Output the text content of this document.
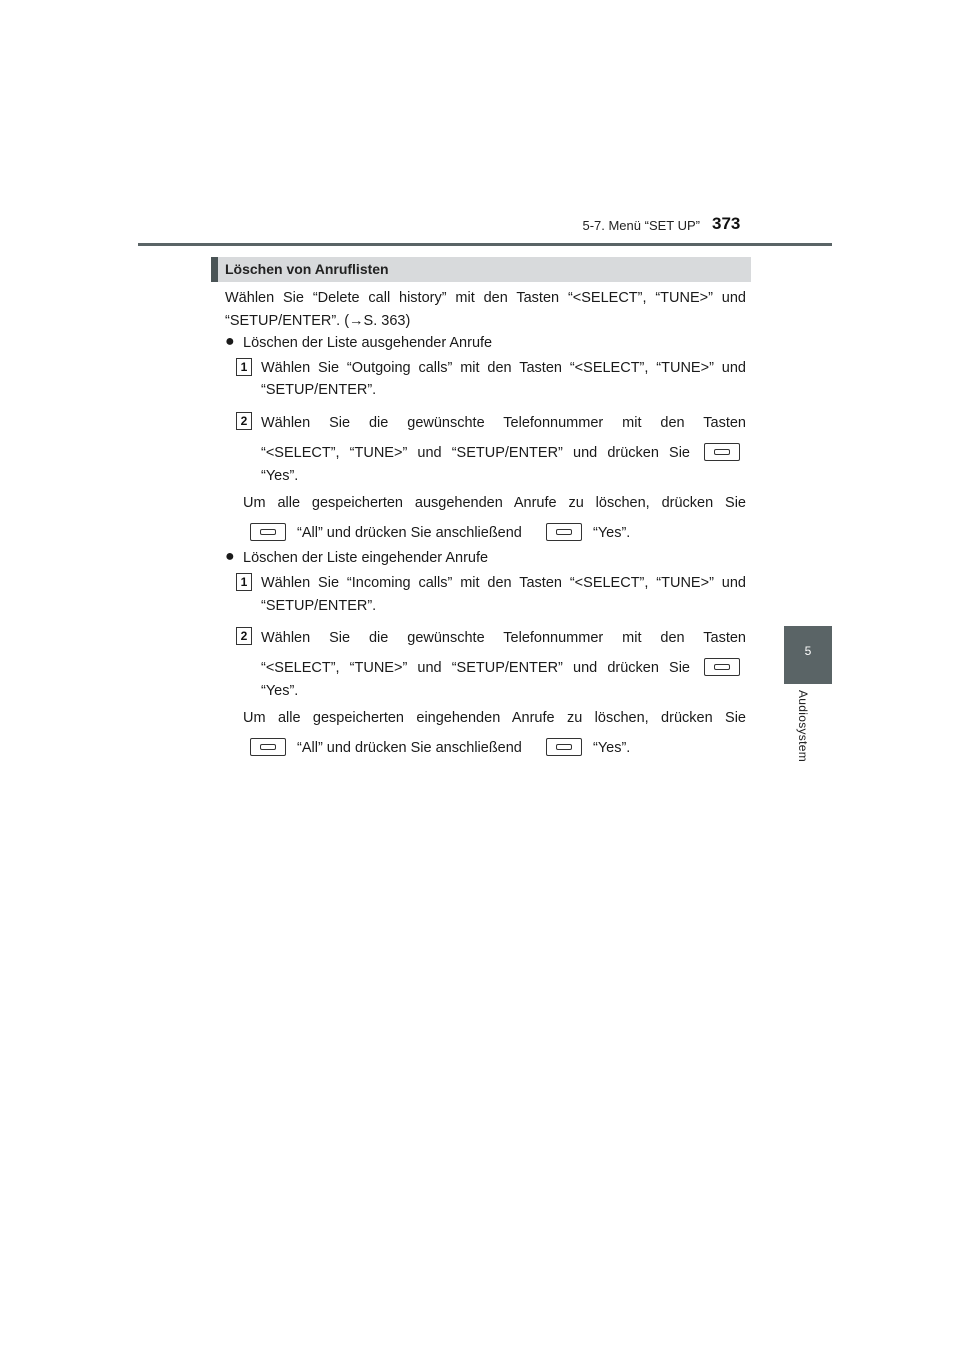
5-7. Menü “SET UP” 373
5
Audiosystem
Löschen von Anruflisten
Wählen Sie “Delete call history” mit den Tasten “<SELECT”, “TUNE>” und
“SETUP/ENTER”. (→S. 363)
● Löschen der Liste ausgehender Anrufe
1 Wählen Sie “Outgoing calls” mit den Tasten “<SELECT”, “TUNE>” und
“SETUP/ENTER”.
2 Wählen Sie die gewünschte Telefonnummer mit den Tasten
“<SELECT”, “TUNE>” und “SETUP/ENTER” und drücken Sie
“Yes”.
Um alle gespeicherten ausgehenden Anrufe zu löschen, drücken Sie
“All” und drücken Sie anschließend	“Yes”.
● Löschen der Liste eingehender Anrufe
1 Wählen Sie “Incoming calls” mit den Tasten “<SELECT”, “TUNE>” und
“SETUP/ENTER”.
2 Wählen Sie die gewünschte Telefonnummer mit den Tasten
“<SELECT”, “TUNE>” und “SETUP/ENTER” und drücken Sie
“Yes”.
Um alle gespeicherten eingehenden Anrufe zu löschen, drücken Sie
“All” und drücken Sie anschließend	“Yes”.
